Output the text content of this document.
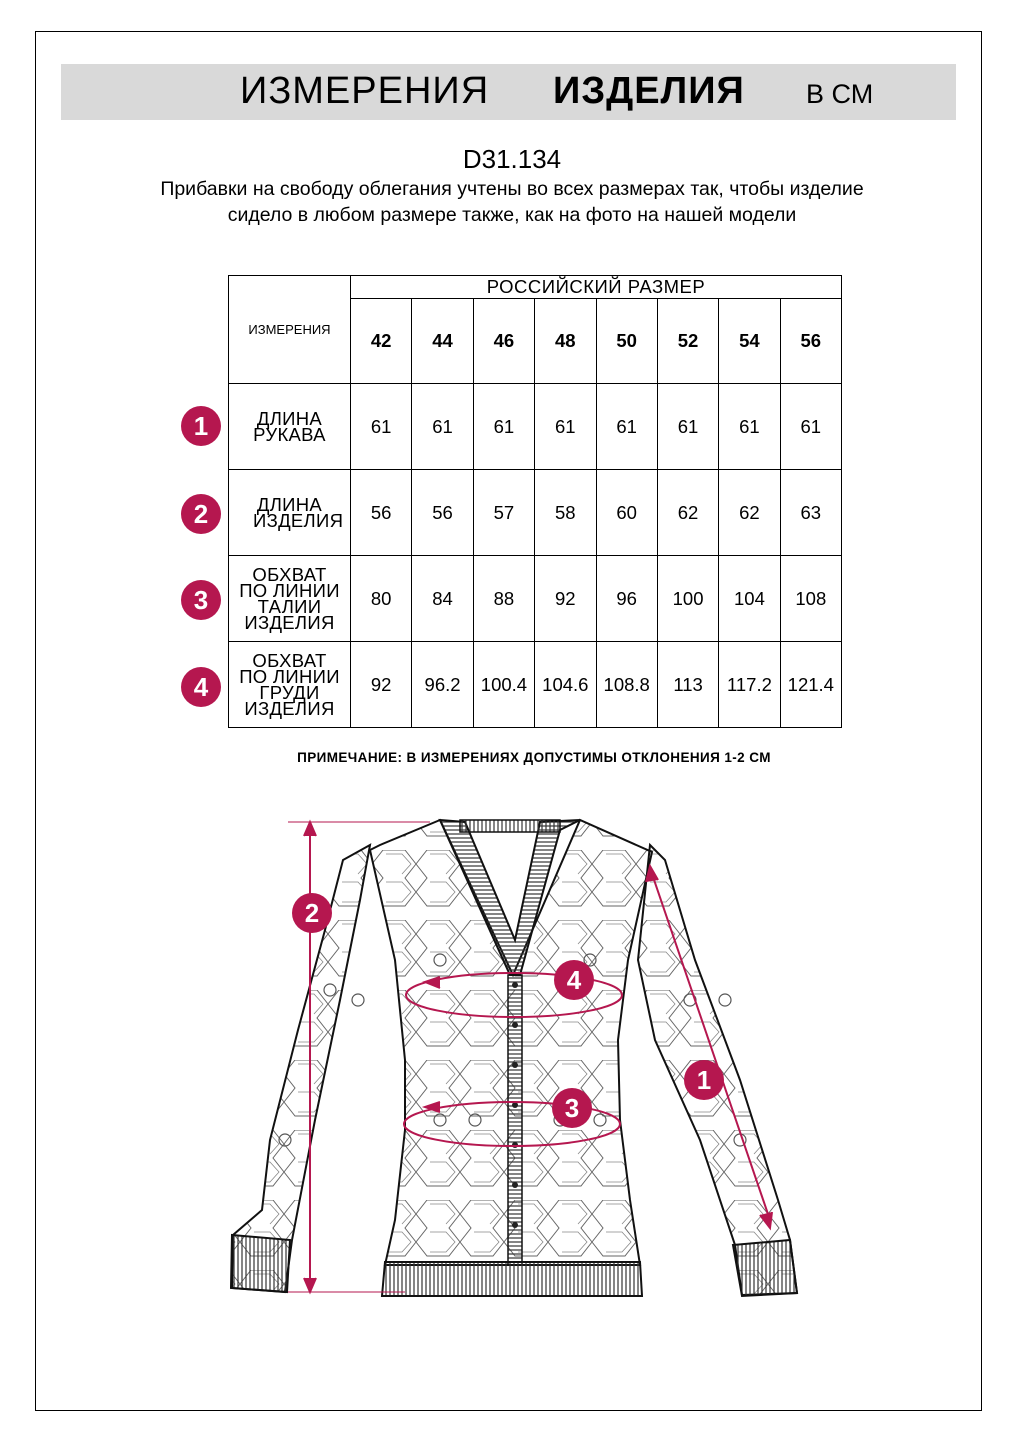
ИЗМЕРЕНИЯ ИЗДЕЛИЯ В СМ
D31.134
Прибавки на свободу облегания учтены во всех размерах так, чтобы изделие сидело в любом размере также, как на фото на нашей модели
ИЗМЕРЕНИЯ	РОССИЙСКИЙ РАЗМЕР							
	42	44	46	48	50	52	54	56
ДЛИНА РУКАВА	61	61	61	61	61	61	61	61
ДЛИНА ИЗДЕЛИЯ	56	56	57	58	60	62	62	63
ОБХВАТ ПО ЛИНИИ ТАЛИИ ИЗДЕЛИЯ	80	84	88	92	96	100	104	108
ОБХВАТ ПО ЛИНИИ ГРУДИ ИЗДЕЛИЯ	92	96.2	100.4	104.6	108.8	113	117.2	121.4
1
2
3
4
ПРИМЕЧАНИЕ: В ИЗМЕРЕНИЯХ ДОПУСТИМЫ ОТКЛОНЕНИЯ 1-2 СМ
2
1
4
3
